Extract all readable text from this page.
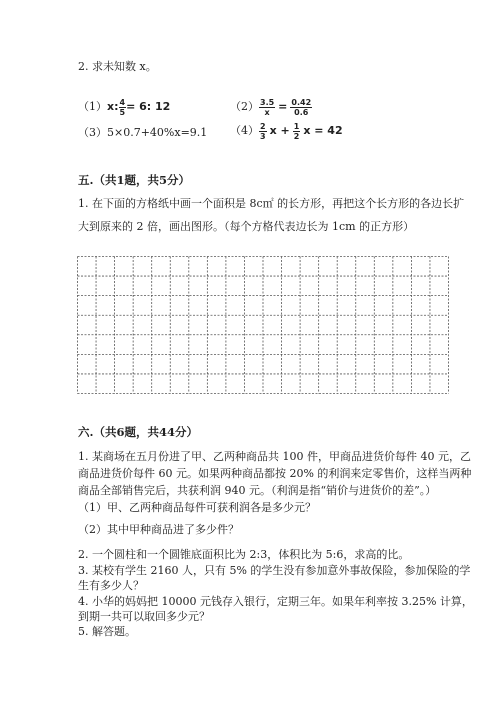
2. 求未知数 x。
（1）x: $\frac{4}{5} = 6$: 12	$(2) \frac{3.5}{x} = \frac{0.42}{0.6}$
（3）5×0.7+40%x=9.1 $(4) \frac{2}{3}$ $x + \frac{1}{2}$ x = 42
五.（共1题，共5分）
1. 在下面的方格纸中画一个面积是 8c㎡ 的长方形，再把这个长方形的各边长扩
大到原来的 2 倍，画出图形。（每个方格代表边长为 1cm 的正方形）
六.（共6题，共44分）
1. 某商场在五月份进了甲、乙两种商品共 100 件，甲商品进货价每件 40 元，乙
商品进货价每件 60 元。如果两种商品都按 20% 的利润来定零售价，这样当两种
商品全部销售完后，共获利润 940 元。（利润是指“销价与进货价的差”。）
（1）甲、乙两种商品每件可获利润各是多少元？
（2）其中甲种商品进了多少件？
2. 一个圆柱和一个圆锥底面积比为 2:3，体积比为 5:6，求高的比。
3. 某校有学生 2160 人，只有 5% 的学生没有参加意外事故保险，参加保险的学
生有多少人？
4. 小华的妈妈把 10000 元钱存入银行，定期三年。如果年利率按 3.25% 计算，
到期一共可以取回多少元？
5. 解答题。
